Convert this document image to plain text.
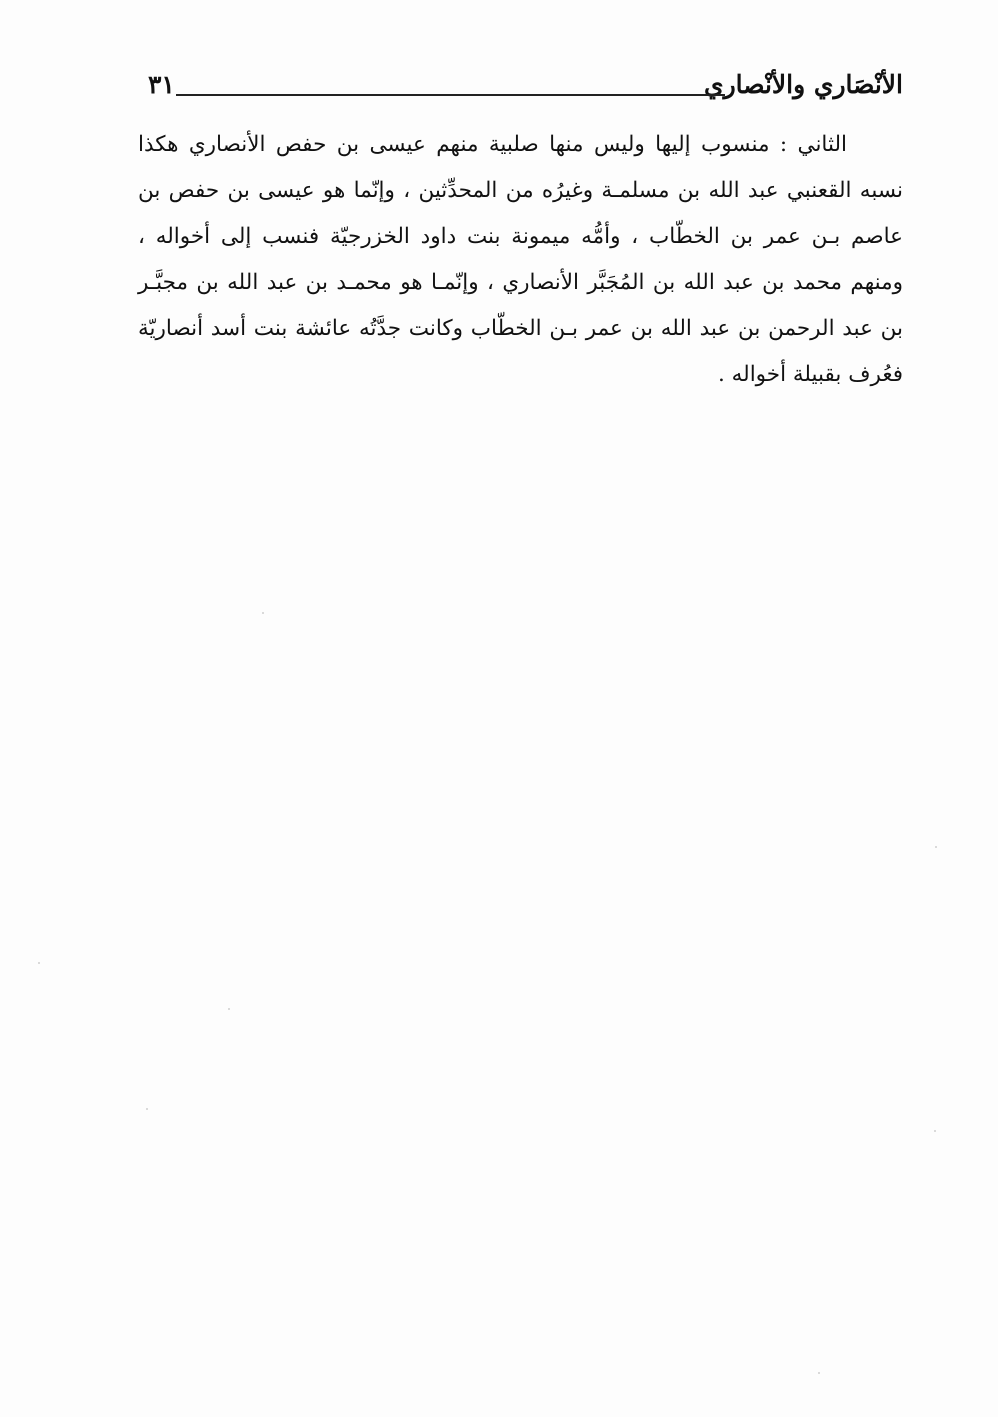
الأنْصَاري والأنْصاري
٣١

الثاني : منسوب إليها وليس منها صلبية منهم عيسى بن حفص الأنصاري هكذا نسبه القعنبي عبد الله بن مسلمـة وغيرُه من المحدِّثين ، وإنّما هو عيسى بن حفص بن عاصم بـن عمر بن الخطّاب ، وأمُّه ميمونة بنت داود الخزرجيّة فنسب إلى أخواله ، ومنهم محمد بن عبد الله بن المُجَبَّر الأنصاري ، وإنّمـا هو محمـد بن عبد الله بن مجبَّـر بن عبد الرحمن بن عبد الله بن عمر بـن الخطّاب وكانت جدَّتُه عائشة بنت أسد أنصاريّة فعُرف بقبيلة أخواله .
